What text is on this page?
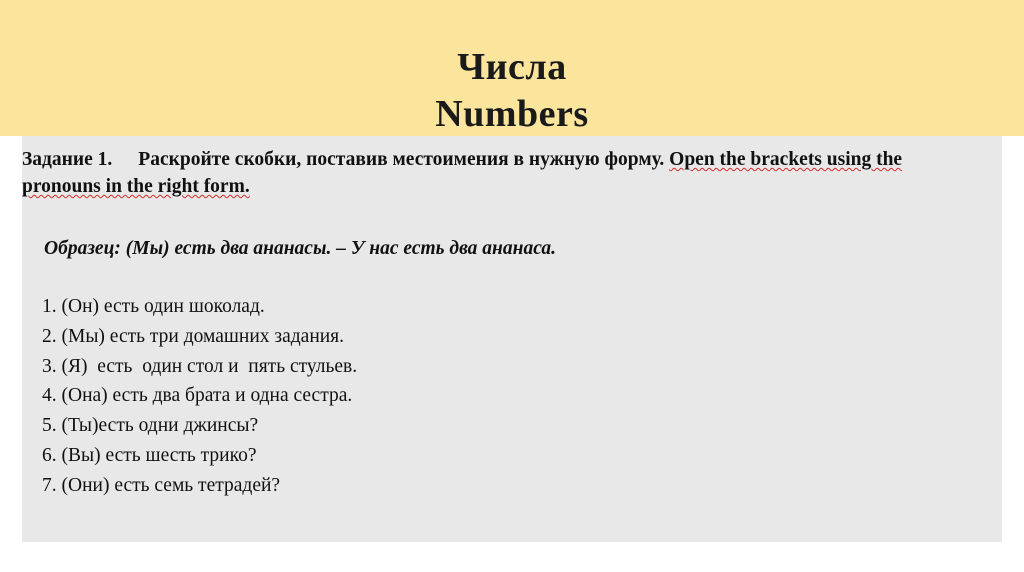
Числа
Numbers
Задание 1. Раскройте скобки, поставив местоимения в нужную форму. Open the brackets using the pronouns in the right form.
Образец: (Мы) есть два ананасы. – У нас есть два ананаса.
1. (Он) есть один шоколад.
2. (Мы) есть три домашних задания.
3. (Я)  есть  один стол и  пять стульев.
4. (Она) есть два брата и одна сестра.
5. (Ты)есть одни джинсы?
6. (Вы) есть шесть трико?
7. (Они) есть семь тетрадей?
